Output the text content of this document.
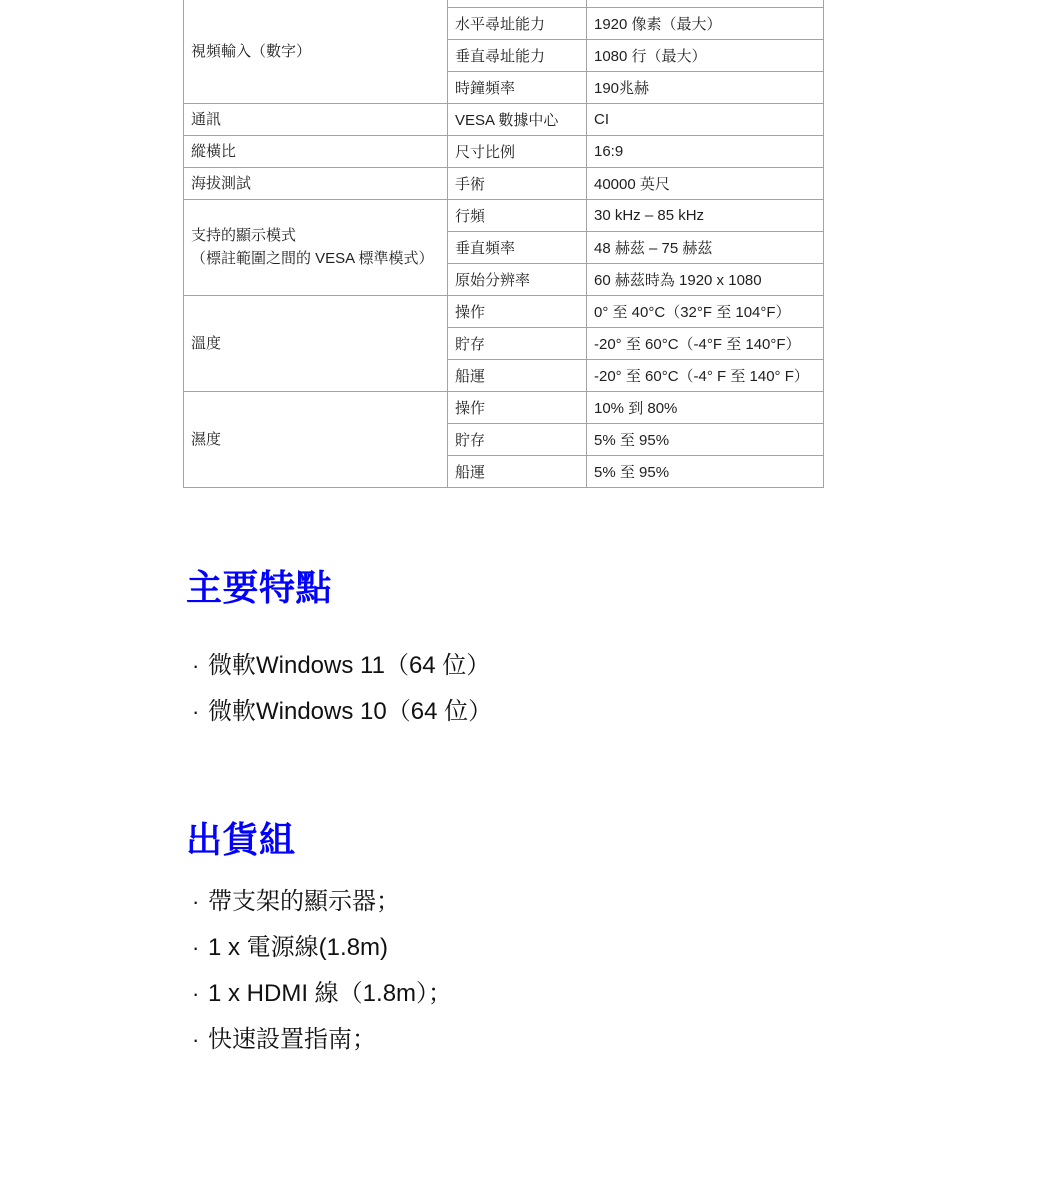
視頻輸入（數字）		

	水平尋址能力	1920 像素（最大）
	垂直尋址能力	1080 行（最大）
	時鐘頻率	190兆赫

通訊	VESA 數據中心	CI

縱橫比	尺寸比例	16:9

海拔測試	手術	40000 英尺

支持的顯示模式
（標註範圍之間的 VESA 標準模式）	行頻	30 kHz – 85 kHz
	垂直頻率	48 赫茲 – 75 赫茲
	原始分辨率	60 赫茲時為 1920 x 1080

溫度	操作	0° 至 40°C（32°F 至 104°F）
	貯存	-20° 至 60°C（-4°F 至 140°F）
	船運	-20° 至 60°C（-4° F 至 140° F）

濕度	操作	10% 到 80%
	貯存	5% 至 95%
	船運	5% 至 95%
主要特點
· 微軟Windows 11（64 位）
· 微軟Windows 10（64 位）
出貨組
· 帶支架的顯示器；
· 1 x 電源線(1.8m)
· 1 x HDMI 線（1.8m）；
· 快速設置指南；
